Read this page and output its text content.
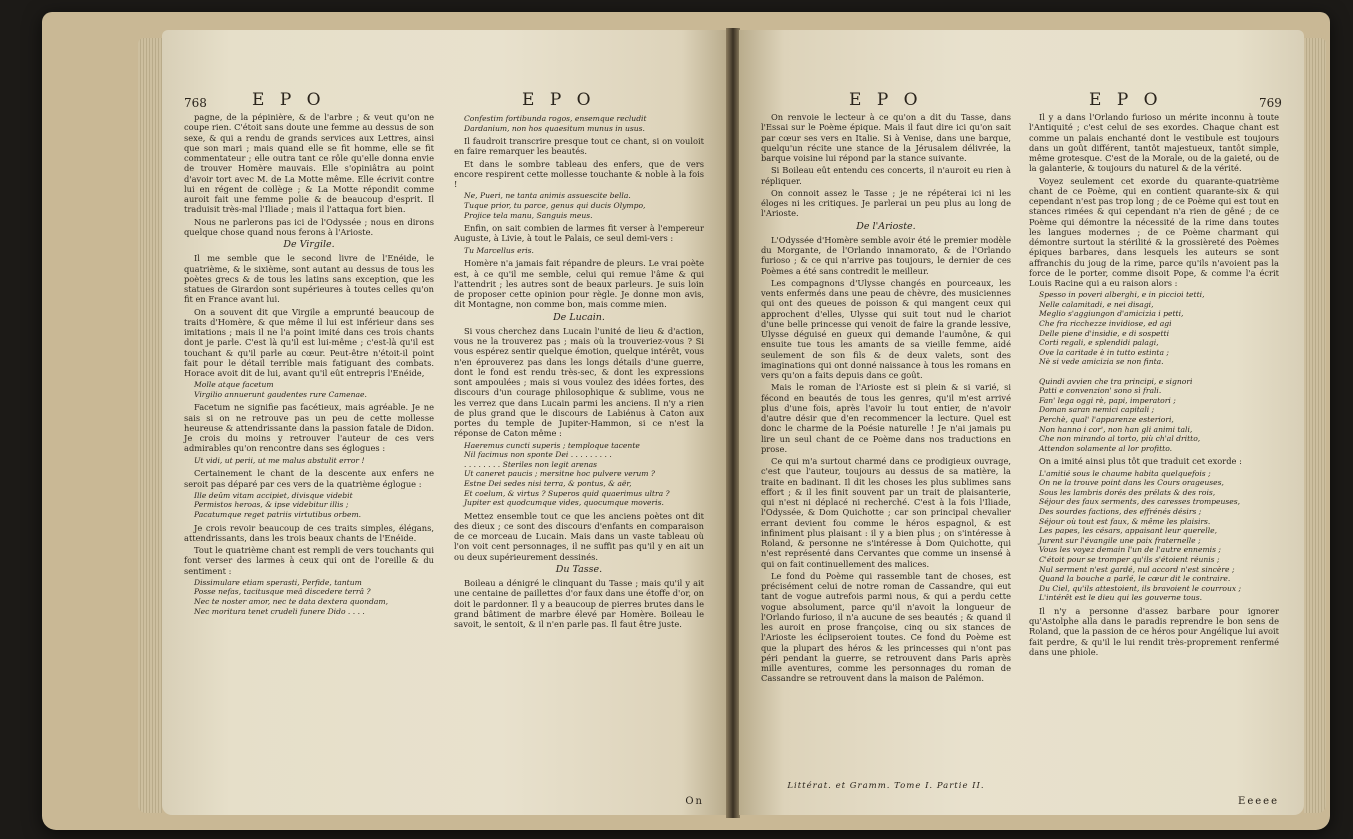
768	E P O	E P O

pagne, de la pépinière, & de l'arbre ; & veut qu'on ne coupe rien. C'étoit sans doute une femme au dessus de son sexe, & qui a rendu de grands services aux Lettres, ainsi que son mari ; mais quand elle se fit homme, elle se fit commentateur ; elle outra tant ce rôle qu'elle donna envie de trouver Homère mauvais. Elle s'opiniâtra au point d'avoir tort avec M. de La Motte même. Elle écrivit contre lui en régent de collège ; & La Motte répondit comme auroit fait une femme polie & de beaucoup d'esprit. Il traduisit très-mal l'Iliade ; mais il l'attaqua fort bien.

Nous ne parlerons pas ici de l'Odyssée ; nous en dirons quelque chose quand nous ferons à l'Arioste.

De Virgile.

Il me semble que le second livre de l'Enéide, le quatrième, & le sixième, sont autant au dessus de tous les poètes grecs & de tous les latins sans exception, que les statues de Girardon sont supérieures à toutes celles qu'on fit en France avant lui.

On a souvent dit que Virgile a emprunté beaucoup de traits d'Homère, & que même il lui est inférieur dans ses imitations ; mais il ne l'a point imité dans ces trois chants dont je parle. C'est là qu'il est lui-même ; c'est-là qu'il est touchant & qu'il parle au cœur. Peut-être n'étoit-il point fait pour le détail terrible mais fatiguant des combats. Horace avoit dit de lui, avant qu'il eût entrepris l'Enéide,

Molle atque facetum
Virgilio annuerunt gaudentes rure Camenae.

Facetum ne signifie pas facétieux, mais agréable. Je ne sais si on ne retrouve pas un peu de cette mollesse heureuse & attendrissante dans la passion fatale de Didon. Je crois du moins y retrouver l'auteur de ces vers admirables qu'on rencontre dans ses églogues :

Ut vidi, ut perii, ut me malus abstulit error !

Certainement le chant de la descente aux enfers ne seroit pas déparé par ces vers de la quatrième églogue :

Ille deûm vitam accipiet, divisque videbit
Permistos heroas, & ipse videbitur illis ;
Pacatumque reget patriis virtutibus orbem.

Je crois revoir beaucoup de ces traits simples, élégans, attendrissants, dans les trois beaux chants de l'Enéide.

Tout le quatrième chant est rempli de vers touchants qui font verser des larmes à ceux qui ont de l'oreille & du sentiment :

Dissimulare etiam sperasti, Perfide, tantum
Posse nefas, tacitusque meâ discedere terrâ ?
Nec te noster amor, nec te data dextera quondam,
Nec moritura tenet crudeli funere Dido . . . .

Confestim fortibunda rogos, ensemque recludit
Dardanium, non hos quaesitum munus in usus.

Il faudroit transcrire presque tout ce chant, si on vouloit en faire remarquer les beautés.

Et dans le sombre tableau des enfers, que de vers encore respirent cette mollesse touchante & noble à la fois !

Ne, Pueri, ne tanta animis assuescite bella.
Tuque prior, tu parce, genus qui ducis Olympo,
Projice tela manu, Sanguis meus.

Enfin, on sait combien de larmes fit verser à l'empereur Auguste, à Livie, à tout le Palais, ce seul demi-vers :

Tu Marcellus eris.

Homère n'a jamais fait répandre de pleurs. Le vrai poète est, à ce qu'il me semble, celui qui remue l'âme & qui l'attendrit ; les autres sont de beaux parleurs. Je suis loin de proposer cette opinion pour règle. Je donne mon avis, dit Montagne, non comme bon, mais comme mien.

De Lucain.

Si vous cherchez dans Lucain l'unité de lieu & d'action, vous ne la trouverez pas ; mais où la trouveriez-vous ? Si vous espérez sentir quelque émotion, quelque intérêt, vous n'en éprouverez pas dans les longs détails d'une guerre, dont le fond est rendu très-sec, & dont les expressions sont ampoulées ; mais si vous voulez des idées fortes, des discours d'un courage philosophique & sublime, vous ne les verrez que dans Lucain parmi les anciens. Il n'y a rien de plus grand que le discours de Labiénus à Caton aux portes du temple de Jupiter-Hammon, si ce n'est la réponse de Caton même :

Haeremus cuncti superis ; temploque tacente
Nil facimus non sponte Dei . . . . . . . . .
. . . . . . . . Steriles non legit arenas
Ut caneret paucis ; mersitne hoc pulvere verum ?
Estne Dei sedes nisi terra, & pontus, & aër,
Et coelum, & virtus ? Superos quid quaerimus ultra ?
Jupiter est quodcumque vides, quocumque moveris.

Mettez ensemble tout ce que les anciens poètes ont dit des dieux ; ce sont des discours d'enfants en comparaison de ce morceau de Lucain. Mais dans un vaste tableau où l'on voit cent personnages, il ne suffit pas qu'il y en ait un ou deux supérieurement dessinés.

Du Tasse.

Boileau a dénigré le clinquant du Tasse ; mais qu'il y ait une centaine de paillettes d'or faux dans une étoffe d'or, on doit le pardonner. Il y a beaucoup de pierres brutes dans le grand bâtiment de marbre élevé par Homère. Boileau le savoit, le sentoit, & il n'en parle pas. Il faut être juste.

On
E P O	E P O	769

On renvoie le lecteur à ce qu'on a dit du Tasse, dans l'Essai sur le Poème épique. Mais il faut dire ici qu'on sait par cœur ses vers en Italie. Si à Venise, dans une barque, quelqu'un récite une stance de la Jérusalem délivrée, la barque voisine lui répond par la stance suivante.

Si Boileau eût entendu ces concerts, il n'auroit eu rien à répliquer.

On connoit assez le Tasse ; je ne répéterai ici ni les éloges ni les critiques. Je parlerai un peu plus au long de l'Arioste.

De l'Arioste.

L'Odyssée d'Homère semble avoir été le premier modèle du Morgante, de l'Orlando innamorato, & de l'Orlando furioso ; & ce qui n'arrive pas toujours, le dernier de ces Poèmes a été sans contredit le meilleur.

Les compagnons d'Ulysse changés en pourceaux, les vents enfermés dans une peau de chèvre, des musiciennes qui ont des queues de poisson & qui mangent ceux qui approchent d'elles, Ulysse qui suit tout nud le chariot d'une belle princesse qui venoit de faire la grande lessive, Ulysse déguisé en gueux qui demande l'aumône, & qui ensuite tue tous les amants de sa vieille femme, aidé seulement de son fils & de deux valets, sont des imaginations qui ont donné naissance à tous les romans en vers qu'on a faits depuis dans ce goût.

Mais le roman de l'Arioste est si plein & si varié, si fécond en beautés de tous les genres, qu'il m'est arrivé plus d'une fois, après l'avoir lu tout entier, de n'avoir d'autre désir que d'en recommencer la lecture. Quel est donc le charme de la Poésie naturelle ! Je n'ai jamais pu lire un seul chant de ce Poème dans nos traductions en prose.

Ce qui m'a surtout charmé dans ce prodigieux ouvrage, c'est que l'auteur, toujours au dessus de sa matière, la traite en badinant. Il dit les choses les plus sublimes sans effort ; & il les finit souvent par un trait de plaisanterie, qui n'est ni déplacé ni recherché. C'est à la fois l'Iliade, l'Odyssée, & Dom Quichotte ; car son principal chevalier errant devient fou comme le héros espagnol, & est infiniment plus plaisant : il y a bien plus ; on s'intéresse à Roland, & personne ne s'intéresse à Dom Quichotte, qui n'est représenté dans Cervantes que comme un insensé à qui on fait continuellement des malices.

Le fond du Poème qui rassemble tant de choses, est précisément celui de notre roman de Cassandre, qui eut tant de vogue autrefois parmi nous, & qui a perdu cette vogue absolument, parce qu'il n'avoit la longueur de l'Orlando furioso, il n'a aucune de ses beautés ; & quand il les auroit en prose françoise, cinq ou six stances de l'Arioste les éclipseroient toutes. Ce fond du Poème est que la plupart des héros & les princesses qui n'ont pas péri pendant la guerre, se retrouvent dans Paris après mille aventures, comme les personnages du roman de Cassandre se retrouvent dans la maison de Palémon.

Littérat. et Gramm. Tome I. Partie II.

Il y a dans l'Orlando furioso un mérite inconnu à toute l'Antiquité ; c'est celui de ses exordes. Chaque chant est comme un palais enchanté dont le vestibule est toujours dans un goût différent, tantôt majestueux, tantôt simple, même grotesque. C'est de la Morale, ou de la gaieté, ou de la galanterie, & toujours du naturel & de la vérité.

Voyez seulement cet exorde du quarante-quatrième chant de ce Poème, qui en contient quarante-six & qui cependant n'est pas trop long ; de ce Poème qui est tout en stances rimées & qui cependant n'a rien de gêné ; de ce Poème qui démontre la nécessité de la rime dans toutes les langues modernes ; de ce Poème charmant qui démontre surtout la stérilité & la grossièreté des Poèmes épiques barbares, dans lesquels les auteurs se sont affranchis du joug de la rime, parce qu'ils n'avoient pas la force de le porter, comme disoit Pope, & comme l'a écrit Louis Racine qui a eu raison alors :

Spesso in poveri alberghi, e in piccioi tetti,
Nelle calamitadi, e nei disagi,
Meglio s'aggiungon d'amicizia i petti,
Che fra ricchezze invidiose, ed agi
Delle piene d'insidie, e di sospetti
Corti regali, e splendidi palagi,
Ove la caritade è in tutto estinta ;
Nè si vede amicizia se non finta.

Quindi avvien che tra principi, e signori
Patti e convenzion' sono sì frali.
Fan' lega oggi rè, papi, imperatori ;
Doman saran nemici capitali ;
Perchè, qual' l'apparenze esteriori,
Non hanno i cor', non han gli animi tali,
Che non mirando al torto, più ch'al dritto,
Attendon solamente al lor profitto.

On a imité ainsi plus tôt que traduit cet exorde :

L'amitié sous le chaume habita quelquefois ;
On ne la trouve point dans les Cours orageuses,
Sous les lambris dorés des prélats & des rois,
Séjour des faux serments, des caresses trompeuses,
Des sourdes factions, des effrénés désirs ;
Séjour où tout est faux, & même les plaisirs.
Les papes, les césars, appaisant leur querelle,
Jurent sur l'évangile une paix fraternelle ;
Vous les voyez demain l'un de l'autre ennemis ;
C'étoit pour se tromper qu'ils s'étoient réunis ;
Nul serment n'est gardé, nul accord n'est sincère ;
Quand la bouche a parlé, le cœur dit le contraire.
Du Ciel, qu'ils attestoient, ils bravoient le courroux ;
L'intérêt est le dieu qui les gouverne tous.

Il n'y a personne d'assez barbare pour ignorer qu'Astolphe alla dans le paradis reprendre le bon sens de Roland, que la passion de ce héros pour Angélique lui avoit fait perdre, & qu'il le lui rendit très-proprement renfermé dans une phiole.

Eeeee
